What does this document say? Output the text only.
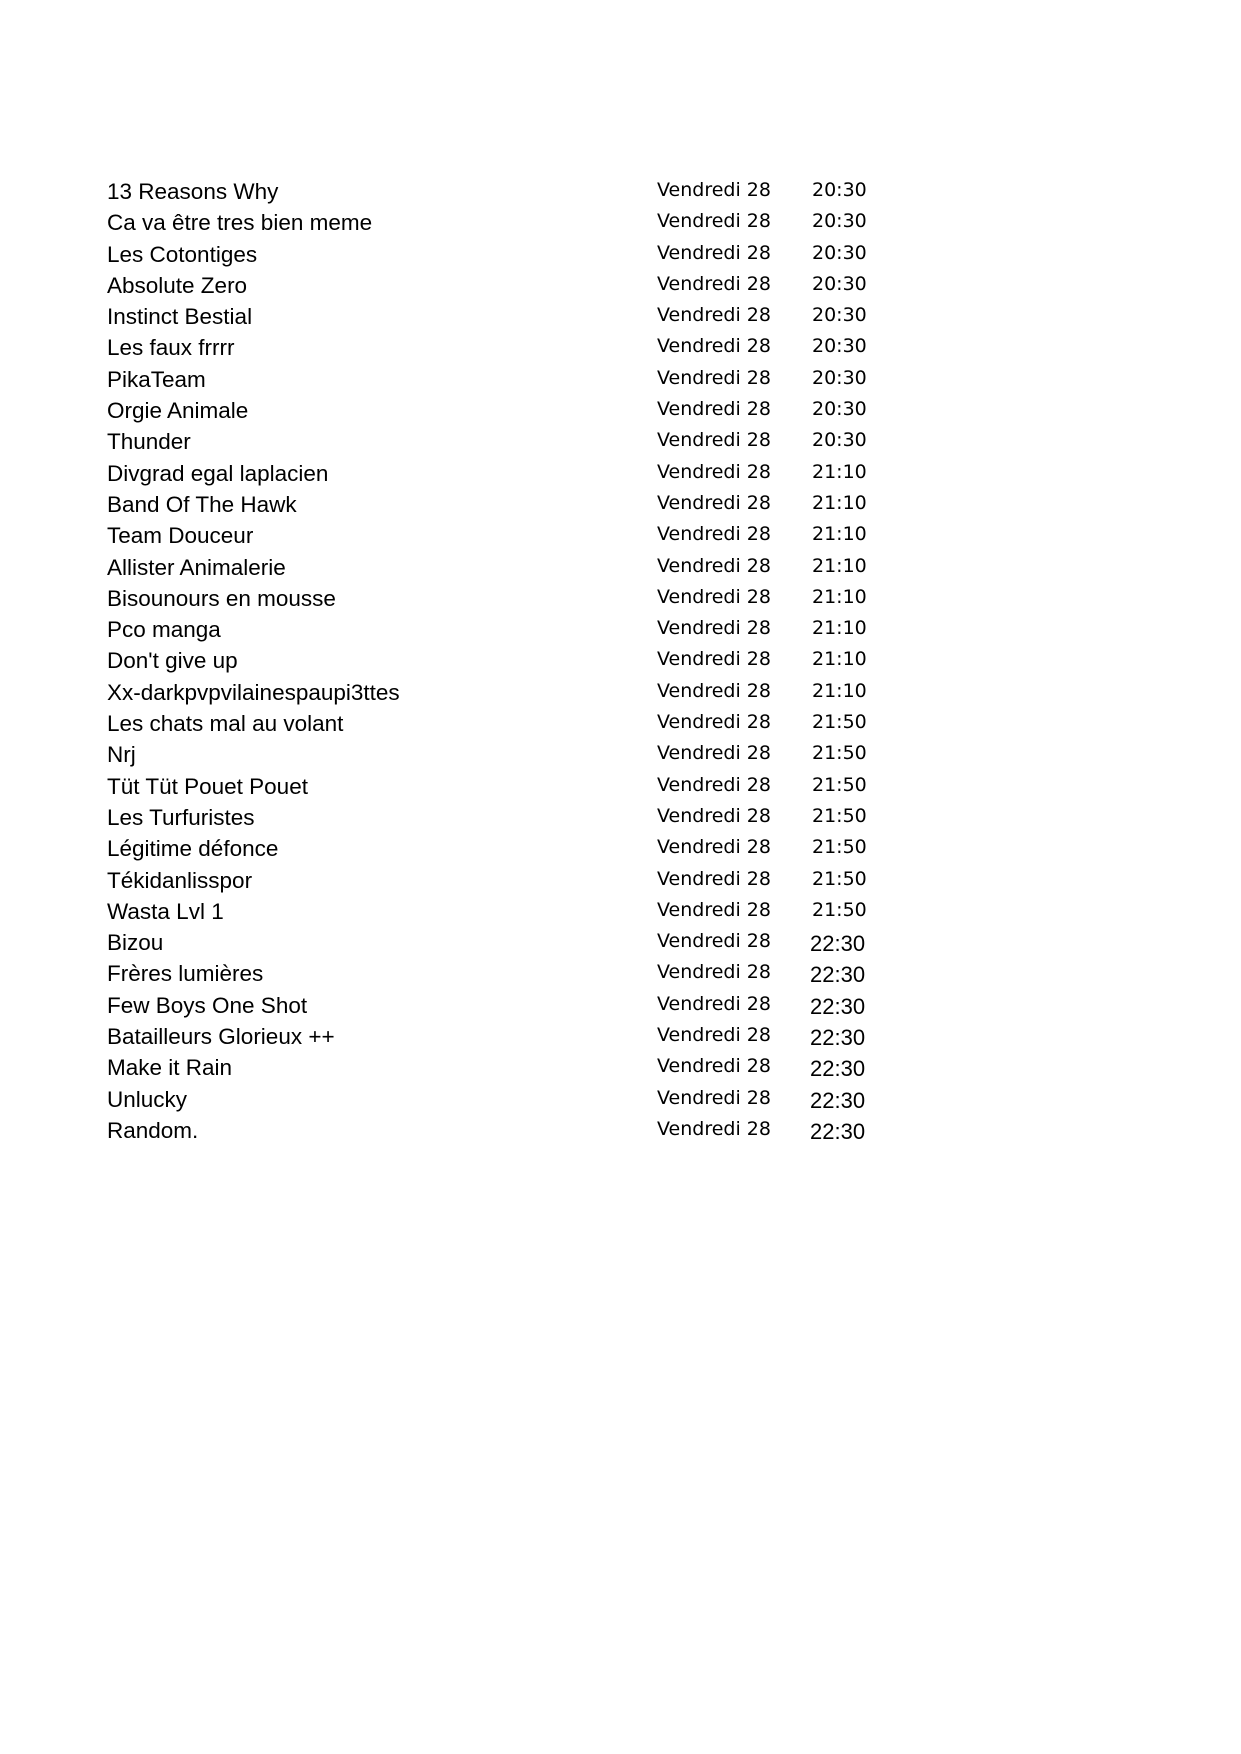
13 Reasons Why	Vendredi 28 20:30
Ca va être tres bien meme	Vendredi 28 20:30
Les Cotontiges	Vendredi 28 20:30
Absolute Zero	Vendredi 28 20:30
Instinct Bestial	Vendredi 28 20:30
Les faux frrrr	Vendredi 28 20:30
PikaTeam	Vendredi 28 20:30
Orgie Animale	Vendredi 28 20:30
Thunder	Vendredi 28 20:30
Divgrad egal laplacien	Vendredi 28 21:10
Band Of The Hawk	Vendredi 28 21:10
Team Douceur	Vendredi 28 21:10
Allister Animalerie	Vendredi 28 21:10
Bisounours en mousse	Vendredi 28 21:10
Pco manga	Vendredi 28 21:10
Don't give up	Vendredi 28 21:10
Xx-darkpvpvilainespaupi3ttes	Vendredi 28 21:10
Les chats mal au volant	Vendredi 28 21:50
Nrj	Vendredi 28 21:50
Tüt Tüt Pouet Pouet	Vendredi 28 21:50
Les Turfuristes	Vendredi 28 21:50
Légitime défonce	Vendredi 28 21:50
Tékidanlisspor	Vendredi 28 21:50
Wasta Lvl 1	Vendredi 28 21:50
Bizou	Vendredi 28 22:30
Frères lumières	Vendredi 28 22:30
Few Boys One Shot	Vendredi 28 22:30
Batailleurs Glorieux ++	Vendredi 28 22:30
Make it Rain	Vendredi 28 22:30
Unlucky	Vendredi 28 22:30
Random.	Vendredi 28 22:30
